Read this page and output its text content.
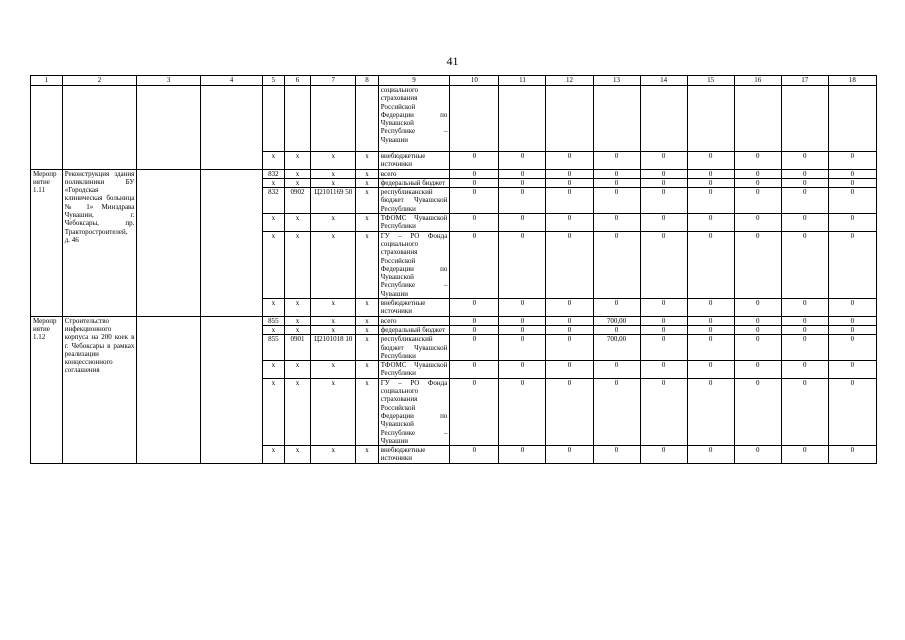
41
1	2	3	4	5	6	7	8	9	10	11	12	13	14	15	16	17	18
								социального страхования Российской Федерации по Чувашской Республике – Чувашии									
				х	х	х	х	внебюджетные источники	0	0	0	0	0	0	0	0	0
Мероприятие 1.11	Реконструкция здания поликлиники БУ «Городская клиническая больница № 1» Минздрава Чувашии, г. Чебоксары, пр. Тракторостроителей, д. 46			832	х	х	х	всего	0	0	0	0	0	0	0	0	0
				х	х	х	х	федеральный бюджет	0	0	0	0	0	0	0	0	0
				832	0902	Ц2101169 50	х	республиканский бюджет Чувашской Республики	0	0	0	0	0	0	0	0	0
				х	х	х	х	ТФОМС Чувашской Республики	0	0	0	0	0	0	0	0	0
				х	х	х	х	ГУ – РО Фонда социального страхования Российской Федерации по Чувашской Республике – Чувашии	0	0	0	0	0	0	0	0	0
				х	х	х	х	внебюджетные источники	0	0	0	0	0	0	0	0	0
Мероприятие 1.12	Строительство инфекционного корпуса на 200 коек в г. Чебоксары в рамках реализации концессионного соглашения			855	х	х	х	всего	0	0	0	700,00	0	0	0	0	0
				х	х	х	х	федеральный бюджет	0	0	0	0	0	0	0	0	0
				855	0901	Ц2101018 10	х	республиканский бюджет Чувашской Республики	0	0	0	700,00	0	0	0	0	0
				х	х	х	х	ТФОМС Чувашской Республики	0	0	0	0	0	0	0	0	0
				х	х	х	х	ГУ – РО Фонда социального страхования Российской Федерации по Чувашской Республике – Чувашии	0	0	0	0	0	0	0	0	0
				х	х	х	х	внебюджетные источники	0	0	0	0	0	0	0	0	0
